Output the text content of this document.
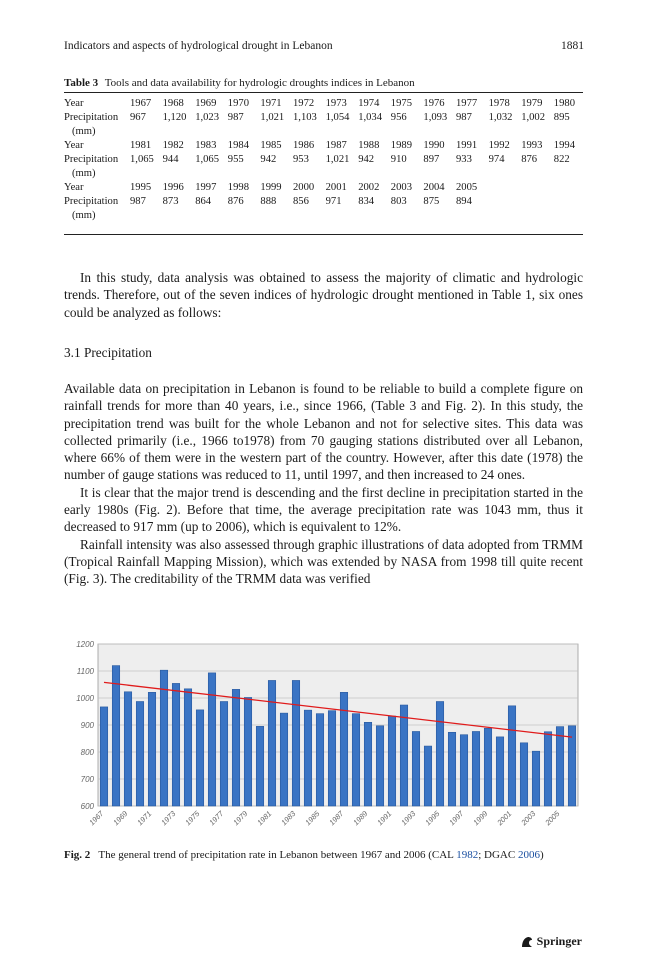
Indicators and aspects of hydrological drought in Lebanon	1881
Table 3 Tools and data availability for hydrologic droughts indices in Lebanon
Year	1967 1968 1969 1970 1971 1972 1973 1974 1975 1976 1977 1978 1979 1980
Precipitation 967 1,120 1,023 987 1,021 1,103 1,054 1,034 956 1,093 987 1,032 1,002 895
(mm)
Year	1981 1982 1983 1984 1985 1986 1987 1988 1989 1990 1991 1992 1993 1994
Precipitation 1,065 944 1,065 955 942 953 1,021 942 910 897 933 974 876 822
(mm)
Year	1995 1996 1997 1998 1999 2000 2001 2002 2003 2004 2005
Precipitation 987 873 864 876 888 856 971 834 803 875 894
(mm)

In this study, data analysis was obtained to assess the majority of climatic and hydrologic trends. Therefore, out of the seven indices of hydrologic drought mentioned in Table 1, six ones could be analyzed as follows:

3.1 Precipitation

Available data on precipitation in Lebanon is found to be reliable to build a complete figure on rainfall trends for more than 40 years, i.e., since 1966, (Table 3 and Fig. 2). In this study, the precipitation trend was built for the whole Lebanon and not for selective sites. This data was collected primarily (i.e., 1966 to1978) from 70 gauging stations distributed over all Lebanon, where 66% of them were in the western part of the country. However, after this date (1978) the number of gauge stations was reduced to 11, until 1997, and then increased to 24 ones.

It is clear that the major trend is descending and the first decline in precipitation started in the early 1980s (Fig. 2). Before that time, the average precipitation rate was 1043 mm, thus it decreased to 917 mm (up to 2006), which is equivalent to 12%.

Rainfall intensity was also assessed through graphic illustrations of data adopted from TRMM (Tropical Rainfall Mapping Mission), which was extended by NASA from 1998 till quite recent (Fig. 3). The creditability of the TRMM data was verified

600
700
800
900
1000
1100
1200
1967 1969 1971 1973 1975 1977 1979 1981 1983 1985 1987 1989 1991 1993 1995 1997 1999 2001 2003 2005
Fig. 2 The general trend of precipitation rate in Lebanon between 1967 and 2006 (CAL 1982; DGAC 2006)
Springer
